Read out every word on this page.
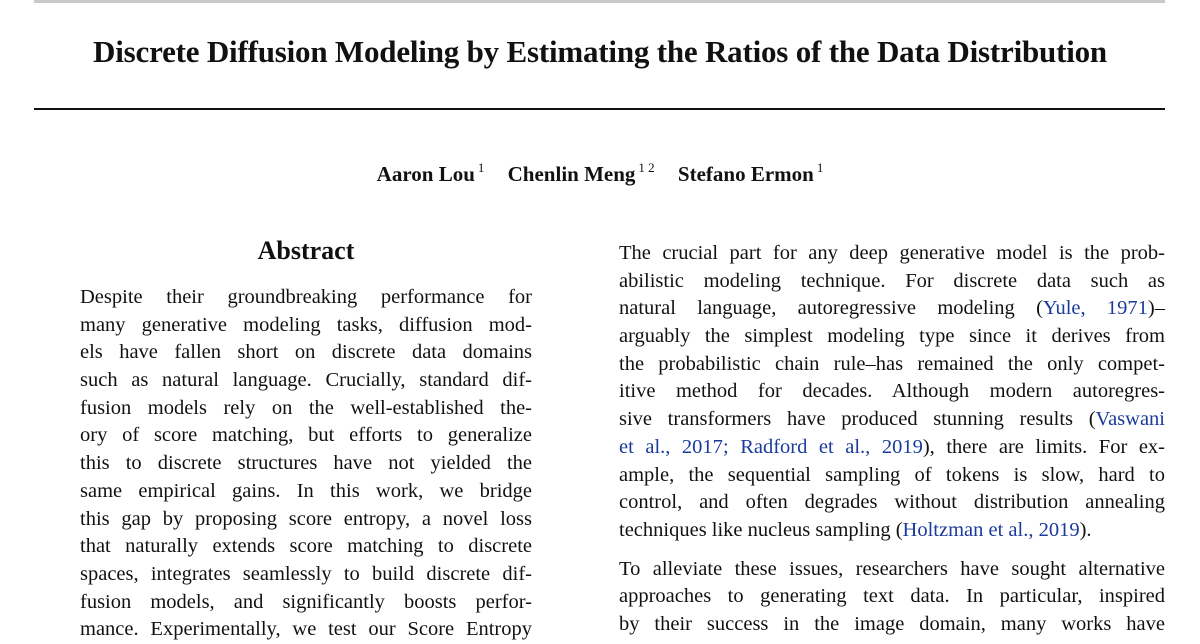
Discrete Diffusion Modeling by Estimating the Ratios of the Data Distribution
Aaron Lou $^1$ Chenlin Meng $^{1 2}$ Stefano Ermon $^1$
Abstract
Despite their groundbreaking performance for
many generative modeling tasks, diffusion mod-
els have fallen short on discrete data domains
such as natural language. Crucially, standard dif-
fusion models rely on the well-established the-
ory of score matching, but efforts to generalize
this to discrete structures have not yielded the
same empirical gains. In this work, we bridge
this gap by proposing score entropy, a novel loss
that naturally extends score matching to discrete
spaces, integrates seamlessly to build discrete dif-
fusion models, and significantly boosts perfor-
mance. Experimentally, we test our Score Entropy
The crucial part for any deep generative model is the prob-
abilistic modeling technique. For discrete data such as
natural language, autoregressive modeling (Yule, 1971)–
arguably the simplest modeling type since it derives from
the probabilistic chain rule–has remained the only compet-
itive method for decades. Although modern autoregres-
sive transformers have produced stunning results (Vaswani
et al., 2017; Radford et al., 2019), there are limits. For ex-
ample, the sequential sampling of tokens is slow, hard to
control, and often degrades without distribution annealing
techniques like nucleus sampling (Holtzman et al., 2019).
To alleviate these issues, researchers have sought alternative
approaches to generating text data. In particular, inspired
by their success in the image domain, many works have
